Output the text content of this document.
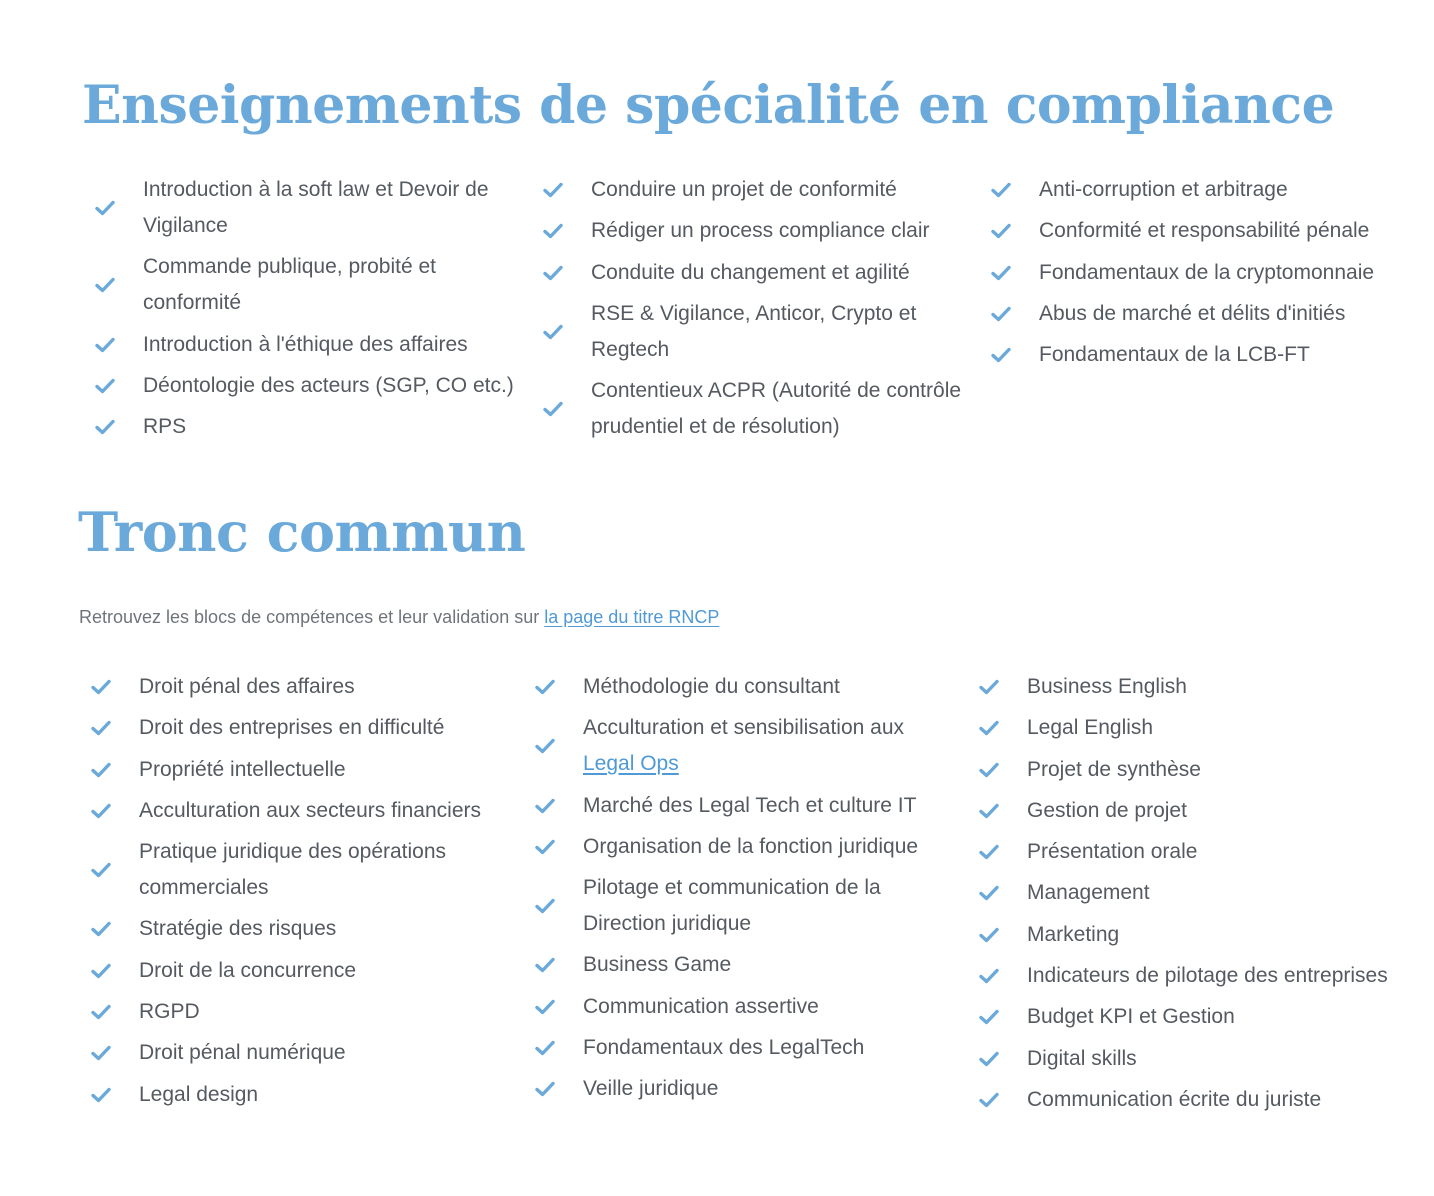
Enseignements de spécialité en compliance
Introduction à la soft law et Devoir de Vigilance
Commande publique, probité et conformité
Introduction à l'éthique des affaires
Déontologie des acteurs (SGP, CO etc.)
RPS
Conduire un projet de conformité
Rédiger un process compliance clair
Conduite du changement et agilité
RSE & Vigilance, Anticor, Crypto et Regtech
Contentieux ACPR (Autorité de contrôle prudentiel et de résolution)
Anti-corruption et arbitrage
Conformité et responsabilité pénale
Fondamentaux de la cryptomonnaie
Abus de marché et délits d'initiés
Fondamentaux de la LCB-FT
Tronc commun

Retrouvez les blocs de compétences et leur validation sur la page du titre RNCP

Droit pénal des affaires
Droit des entreprises en difficulté
Propriété intellectuelle
Acculturation aux secteurs financiers
Pratique juridique des opérations commerciales
Stratégie des risques
Droit de la concurrence
RGPD
Droit pénal numérique
Legal design
Méthodologie du consultant
Acculturation et sensibilisation aux Legal Ops
Marché des Legal Tech et culture IT
Organisation de la fonction juridique
Pilotage et communication de la Direction juridique
Business Game
Communication assertive
Fondamentaux des LegalTech
Veille juridique
Business English
Legal English
Projet de synthèse
Gestion de projet
Présentation orale
Management
Marketing
Indicateurs de pilotage des entreprises
Budget KPI et Gestion
Digital skills
Communication écrite du juriste
